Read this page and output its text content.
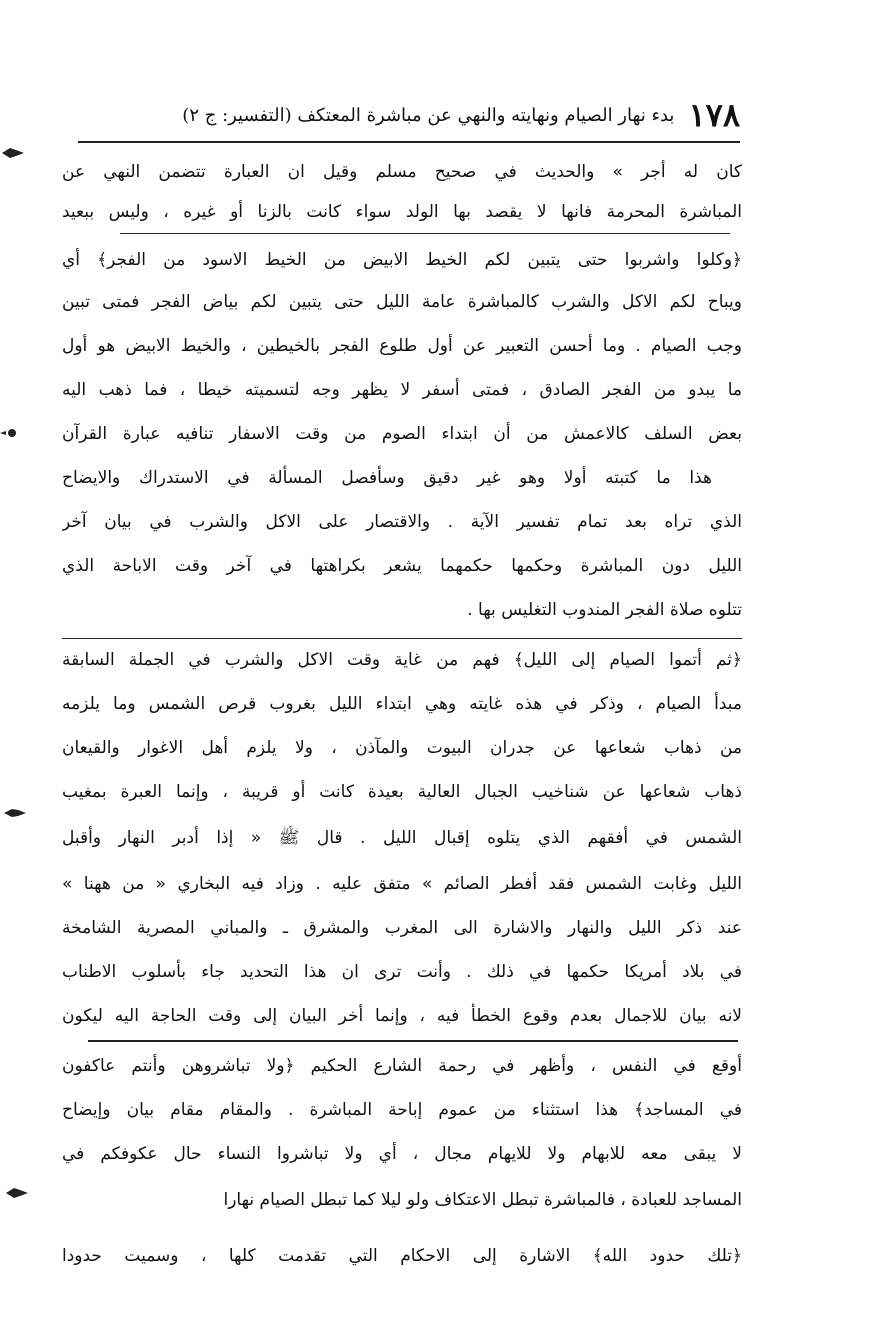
١٧٨
بدء نهار الصيام ونهايته والنهي عن مباشرة المعتكف (التفسير: ج ٢)
كان له أجر » والحديث في صحيح مسلم وقيل ان العبارة تتضمن النهي عن
المباشرة المحرمة فانها لا يقصد بها الولد سواء كانت بالزنا أو غيره ، وليس ببعيد
﴿وكلوا واشربوا حتى يتبين لكم الخيط الابيض من الخيط الاسود من الفجر﴾ أي
ويباح لكم الاكل والشرب كالمباشرة عامة الليل حتى يتبين لكم بياض الفجر فمتى تبين
وجب الصيام . وما أحسن التعبير عن أول طلوع الفجر بالخيطين ، والخيط الابيض هو أول
ما يبدو من الفجر الصادق ، فمتى أسفر لا يظهر وجه لتسميته خيطا ، فما ذهب اليه
بعض السلف كالاعمش من أن ابتداء الصوم من وقت الاسفار تنافيه عبارة القرآن
هذا ما كتبته أولا وهو غير دقيق وسأفصل المسألة في الاستدراك والايضاح
الذي تراه بعد تمام تفسير الآية . والاقتصار على الاكل والشرب في بيان آخر
الليل دون المباشرة وحكمها حكمهما يشعر بكراهتها في آخر وقت الاباحة الذي
تتلوه صلاة الفجر المندوب التغليس بها .
﴿ثم أتموا الصيام إلى الليل﴾ فهم من غاية وقت الاكل والشرب في الجملة السابقة
مبدأ الصيام ، وذكر في هذه غايته وهي ابتداء الليل بغروب قرص الشمس وما يلزمه
من ذهاب شعاعها عن جدران البيوت والمآذن ، ولا يلزم أهل الاغوار والقيعان
ذهاب شعاعها عن شناخيب الجبال العالية بعيدة كانت أو قريبة ، وإنما العبرة بمغيب
الشمس في أفقهم الذي يتلوه إقبال الليل . قال ﷺ « إذا أدبر النهار وأقبل
الليل وغابت الشمس فقد أفطر الصائم » متفق عليه . وزاد فيه البخاري « من ههنا »
عند ذكر الليل والنهار والاشارة الى المغرب والمشرق ـ والمباني المصرية الشامخة
في بلاد أمريكا حكمها في ذلك . وأنت ترى ان هذا التحديد جاء بأسلوب الاطناب
لانه بيان للاجمال بعدم وقوع الخطأ فيه ، وإنما أخر البيان إلى وقت الحاجة اليه ليكون
أوقع في النفس ، وأظهر في رحمة الشارع الحكيم ﴿ولا تباشروهن وأنتم عاكفون
في المساجد﴾ هذا استثناء من عموم إباحة المباشرة . والمقام مقام بيان وإيضاح
لا يبقى معه للابهام ولا للايهام مجال ، أي ولا تباشروا النساء حال عكوفكم في
المساجد للعبادة ، فالمباشرة تبطل الاعتكاف ولو ليلا كما تبطل الصيام نهارا
﴿تلك حدود الله﴾ الاشارة إلى الاحكام التي تقدمت كلها ، وسميت حدودا
